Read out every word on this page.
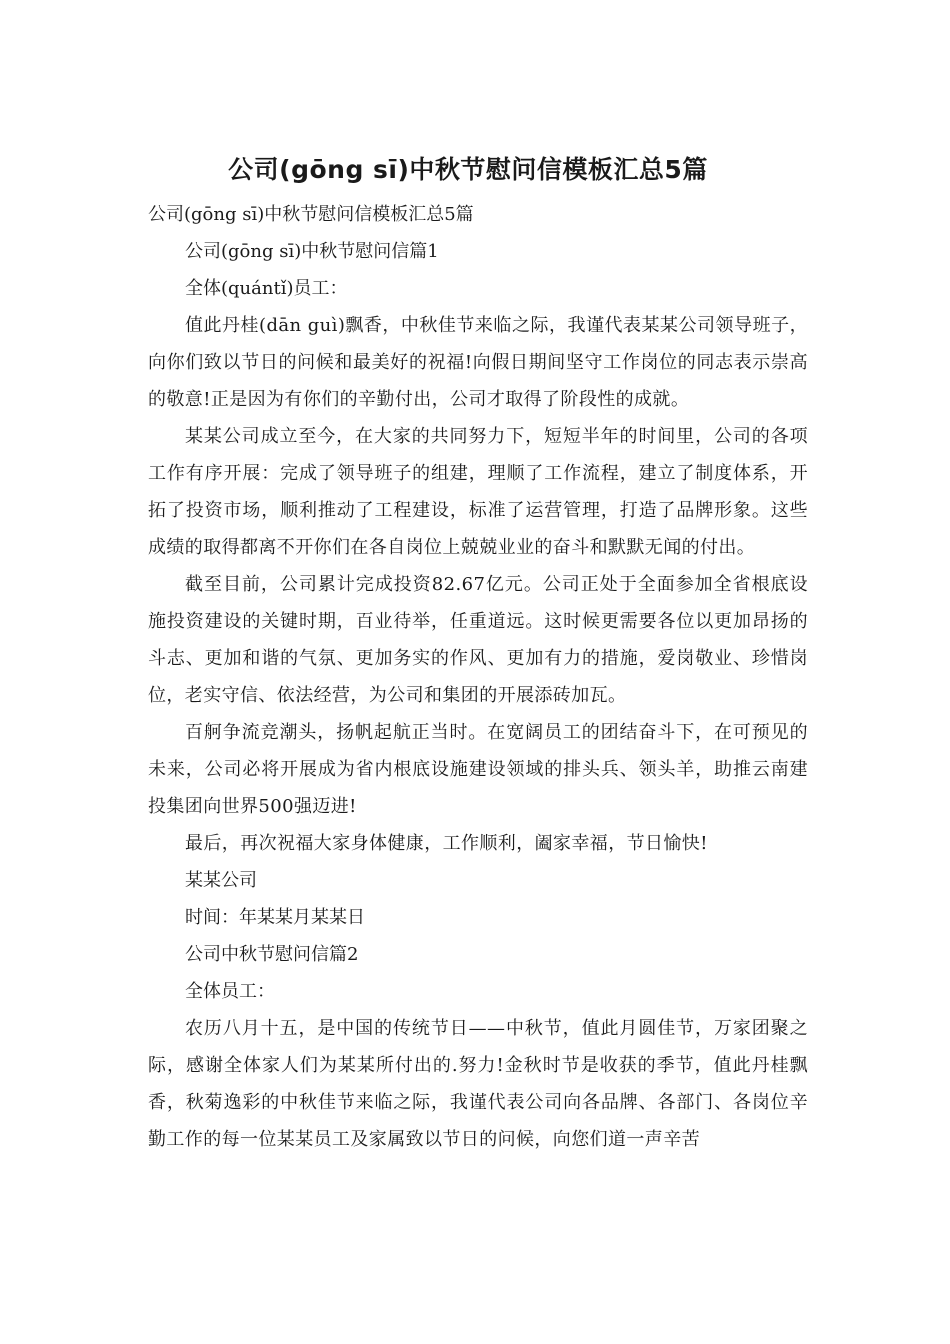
公司(gōng sī)中秋节慰问信模板汇总5篇

公司(gōng sī)中秋节慰问信模板汇总5篇

公司(gōng sī)中秋节慰问信篇1

全体(quántǐ)员工：

值此丹桂(dān guì)飘香，中秋佳节来临之际，我谨代表某某公司领导班子，向你们致以节日的问候和最美好的祝福!向假日期间坚守工作岗位的同志表示崇高的敬意!正是因为有你们的辛勤付出，公司才取得了阶段性的成就。

某某公司成立至今，在大家的共同努力下，短短半年的时间里，公司的各项工作有序开展：完成了领导班子的组建，理顺了工作流程，建立了制度体系，开拓了投资市场，顺利推动了工程建设，标准了运营管理，打造了品牌形象。这些成绩的取得都离不开你们在各自岗位上兢兢业业的奋斗和默默无闻的付出。

截至目前，公司累计完成投资82.67亿元。公司正处于全面参加全省根底设施投资建设的关键时期，百业待举，任重道远。这时候更需要各位以更加昂扬的斗志、更加和谐的气氛、更加务实的作风、更加有力的措施，爱岗敬业、珍惜岗位，老实守信、依法经营，为公司和集团的开展添砖加瓦。

百舸争流竞潮头，扬帆起航正当时。在宽阔员工的团结奋斗下，在可预见的未来，公司必将开展成为省内根底设施建设领域的排头兵、领头羊，助推云南建投集团向世界500强迈进!

最后，再次祝福大家身体健康，工作顺利，阖家幸福，节日愉快!

某某公司

时间：年某某月某某日

公司中秋节慰问信篇2

全体员工：

农历八月十五，是中国的传统节日——中秋节，值此月圆佳节，万家团聚之际，感谢全体家人们为某某所付出的.努力!金秋时节是收获的季节，值此丹桂飘香，秋菊逸彩的中秋佳节来临之际，我谨代表公司向各品牌、各部门、各岗位辛勤工作的每一位某某员工及家属致以节日的问候，向您们道一声辛苦
